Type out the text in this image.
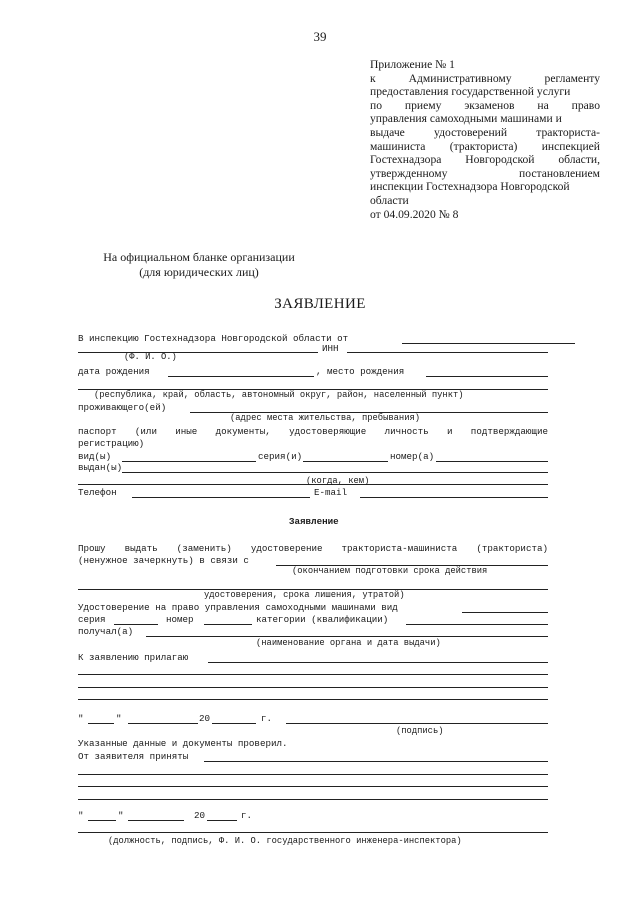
39
Приложение № 1
к Административному регламенту
предоставления государственной услуги
по приему экзаменов на право
управления самоходными машинами и
выдаче удостоверений тракториста-
машиниста (тракториста) инспекцией
Гостехнадзора Новгородской области,
утвержденному постановлением
инспекции Гостехнадзора Новгородской
области
от 04.09.2020 № 8
На официальном бланке организации
(для юридических лиц)
ЗАЯВЛЕНИЕ
В инспекцию Гостехнадзора Новгородской области от
ИНН
(Ф. И. О.)
дата рождения	, место рождения
(республика, край, область, автономный округ, район, населенный пункт)
проживающего(ей)
(адрес места жительства, пребывания)
паспорт (или иные документы, удостоверяющие личность и подтверждающие
регистрацию)
вид(ы)	серия(и)	номер(а)
выдан(ы)
(когда, кем)
Телефон	E-mail
Заявление
Прошу выдать (заменить) удостоверение тракториста-машиниста (тракториста)
(ненужное зачеркнуть) в связи с
(окончанием подготовки срока действия
удостоверения, срока лишения, утратой)
Удостоверение на право управления самоходными машинами вид
серия	номер	категории (квалификации)
получал(а)
(наименование органа и дата выдачи)
К заявлению прилагаю
"	"	20	г.
(подпись)
Указанные данные и документы проверил.
От заявителя приняты
"	"	20	г.
(должность, подпись, Ф. И. О. государственного инженера-инспектора)
